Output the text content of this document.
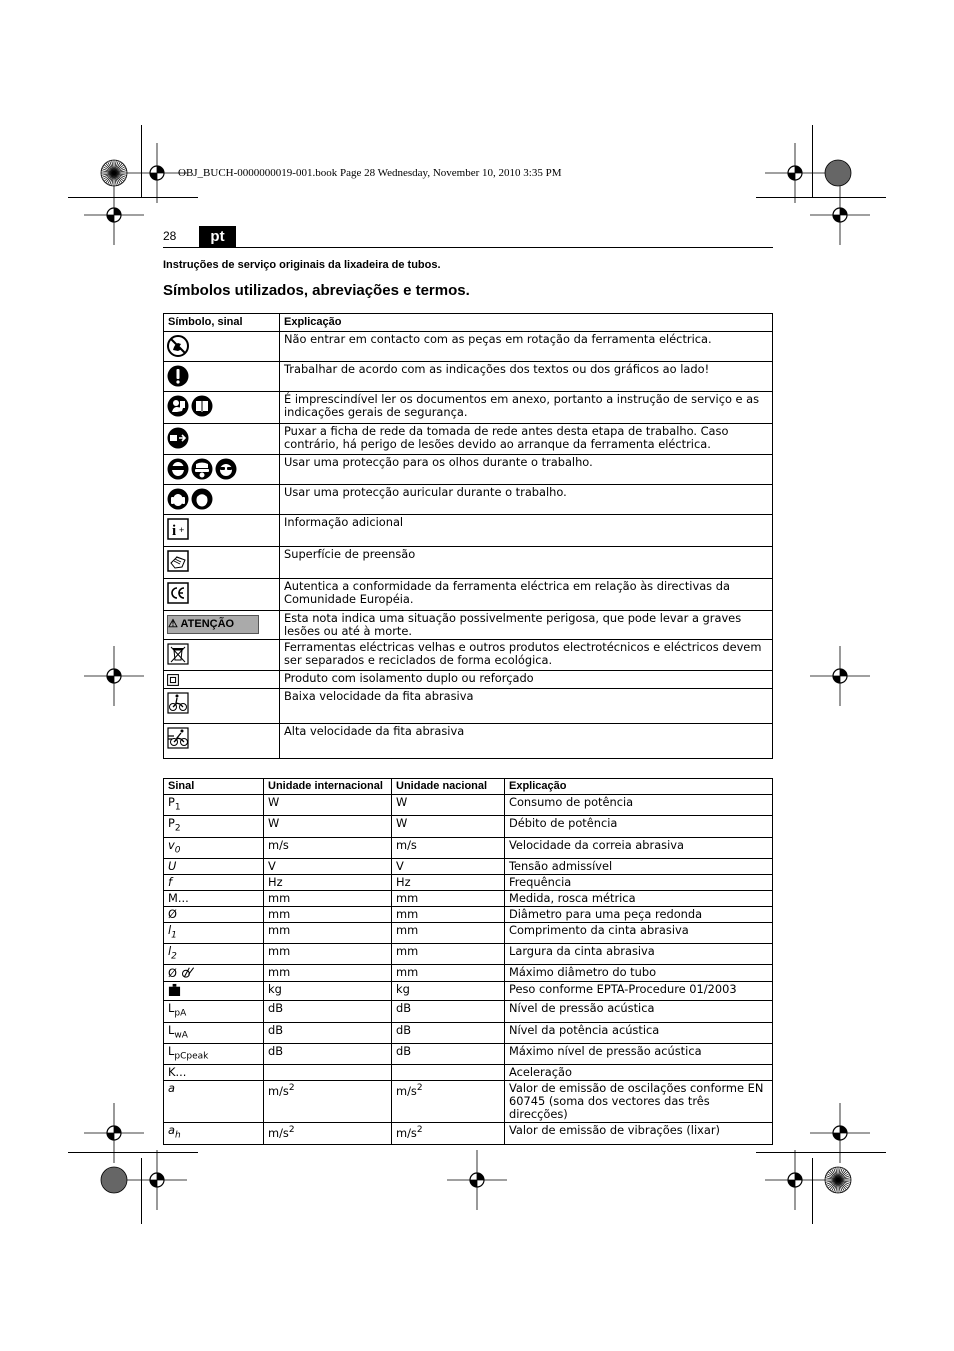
OBJ_BUCH-0000000019-001.book Page 28 Wednesday, November 10, 2010 3:35 PM
28	pt
Instruções de serviço originais da lixadeira de tubos.
Símbolos utilizados, abreviações e termos.
Símbolo, sinal	Explicação
	Não entrar em contacto com as peças em rotação da ferramenta eléctrica.
	Trabalhar de acordo com as indicações dos textos ou dos gráficos ao lado!
	É imprescindível ler os documentos em anexo, portanto a instrução de serviço e as indicações gerais de segurança.
	Puxar a ficha de rede da tomada de rede antes desta etapa de trabalho. Caso contrário, há perigo de lesões devido ao arranque da ferramenta eléctrica.
	Usar uma protecção para os olhos durante o trabalho.
	Usar uma protecção auricular durante o trabalho.

i +	Informação adicional
	Superfície de preensão
	Autentica a conformidade da ferramenta eléctrica em relação às directivas da Comunidade Européia.
⚠ ATENÇÃO	Esta nota indica uma situação possivelmente perigosa, que pode levar a graves lesões ou até à morte.
	Ferramentas eléctricas velhas e outros produtos electrotécnicos e eléctricos devem ser separados e reciclados de forma ecológica.
	Produto com isolamento duplo ou reforçado
	Baixa velocidade da fita abrasiva
	Alta velocidade da fita abrasiva
Sinal	Unidade internacional	Unidade nacional	Explicação
$P_1$	W	W	Consumo de potência
$P_2$	W	W	Débito de potência
$v_0$	m/s	m/s	Velocidade da correia abrasiva
U	V	V	Tensão admissível
f	Hz	Hz	Frequência
M...	mm	mm	Medida, rosca métrica
Ø	mm	mm	Diâmetro para uma peça redonda
$l_1$	mm	mm	Comprimento da cinta abrasiva
$l_2$	mm	mm	Largura da cinta abrasiva
Ø	mm	mm	Máximo diâmetro do tubo
	kg	kg	Peso conforme EPTA-Procedure 01/2003
$L_{pA}$	dB	dB	Nível de pressão acústica
$L_{wA}$	dB	dB	Nível da potência acústica
$L_{pCpeak}$	dB	dB	Máximo nível de pressão acústica
K...			Aceleração
a	$m/s^2$	$m/s^2$	Valor de emissão de oscilações conforme EN 60745 (soma dos vectores das três direcções)
$a_h$	$m/s^2$	$m/s^2$	Valor de emissão de vibrações (lixar)
